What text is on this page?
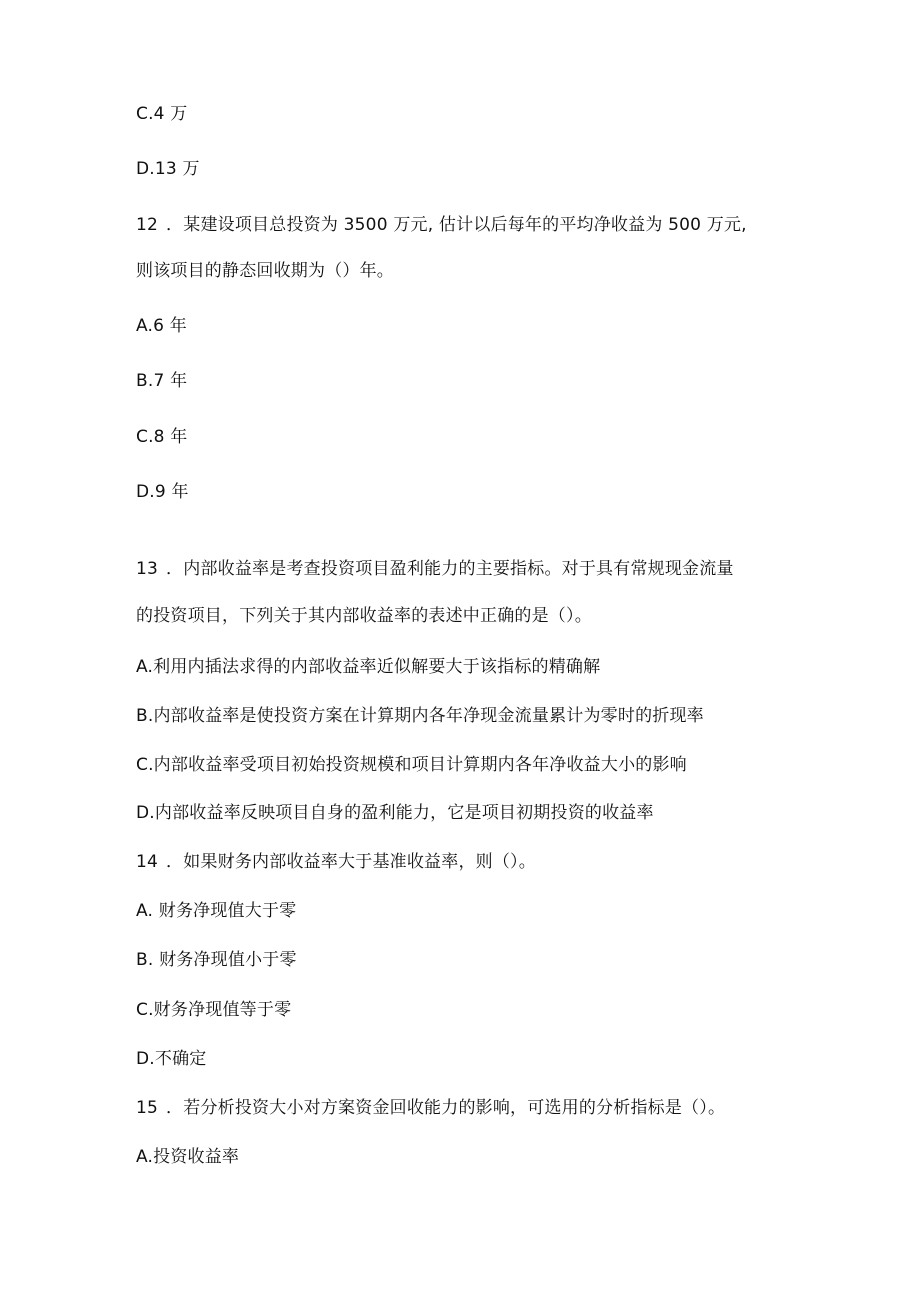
C.4 万
D.13 万
12 ．某建设项目总投资为 3500 万元, 估计以后每年的平均净收益为 500 万元,
则该项目的静态回收期为（）年。
A.6 年
B.7 年
C.8 年
D.9 年
13 ．内部收益率是考查投资项目盈利能力的主要指标。对于具有常规现金流量
的投资项目，下列关于其内部收益率的表述中正确的是（）。
A.利用内插法求得的内部收益率近似解要大于该指标的精确解
B.内部收益率是使投资方案在计算期内各年净现金流量累计为零时的折现率
C.内部收益率受项目初始投资规模和项目计算期内各年净收益大小的影响
D.内部收益率反映项目自身的盈利能力，它是项目初期投资的收益率
14 ．如果财务内部收益率大于基准收益率，则（）。
A. 财务净现值大于零
B. 财务净现值小于零
C.财务净现值等于零
D.不确定
15 ．若分析投资大小对方案资金回收能力的影响，可选用的分析指标是（）。
A.投资收益率
